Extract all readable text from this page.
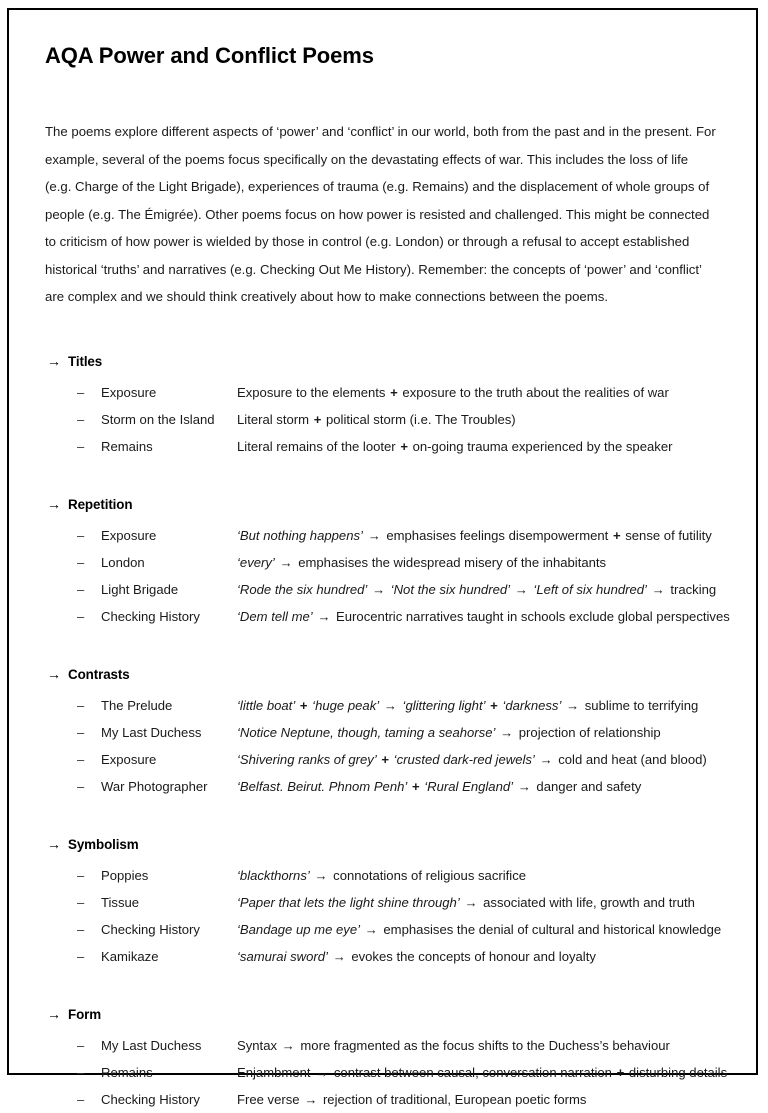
AQA Power and Conflict Poems

The poems explore different aspects of ‘power’ and ‘conflict’ in our world, both from the past and in the present. For example, several of the poems focus specifically on the devastating effects of war. This includes the loss of life (e.g. Charge of the Light Brigade), experiences of trauma (e.g. Remains) and the displacement of whole groups of people (e.g. The Émigrée). Other poems focus on how power is resisted and challenged. This might be connected to criticism of how power is wielded by those in control (e.g. London) or through a refusal to accept established historical ‘truths’ and narratives (e.g. Checking Out Me History). Remember: the concepts of ‘power’ and ‘conflict’ are complex and we should think creatively about how to make connections between the poems.

→ Titles
–	Exposure	Exposure to the elements + exposure to the truth about the realities of war
–	Storm on the Island	Literal storm + political storm (i.e. The Troubles)
–	Remains	Literal remains of the looter + on-going trauma experienced by the speaker
→ Repetition
–	Exposure	‘But nothing happens’ → emphasises feelings disempowerment + sense of futility
–	London	‘every’ → emphasises the widespread misery of the inhabitants
–	Light Brigade	‘Rode the six hundred’ → ‘Not the six hundred’ → ‘Left of six hundred’ → tracking
–	Checking History	‘Dem tell me’ → Eurocentric narratives taught in schools exclude global perspectives
→ Contrasts
–	The Prelude	‘little boat’ + ‘huge peak’ → ‘glittering light’ + ‘darkness’ → sublime to terrifying
–	My Last Duchess	‘Notice Neptune, though, taming a seahorse’ → projection of relationship
–	Exposure	‘Shivering ranks of grey’ + ‘crusted dark-red jewels’ → cold and heat (and blood)
–	War Photographer	‘Belfast. Beirut. Phnom Penh’ + ‘Rural England’ → danger and safety
→ Symbolism
–	Poppies	‘blackthorns’ → connotations of religious sacrifice
–	Tissue	‘Paper that lets the light shine through’ → associated with life, growth and truth
–	Checking History	‘Bandage up me eye’ → emphasises the denial of cultural and historical knowledge
–	Kamikaze	‘samurai sword’ → evokes the concepts of honour and loyalty
→ Form
–	My Last Duchess	Syntax → more fragmented as the focus shifts to the Duchess’s behaviour
–	Remains	Enjambment → contrast between causal, conversation narration + disturbing details
–	Checking History	Free verse → rejection of traditional, European poetic forms
